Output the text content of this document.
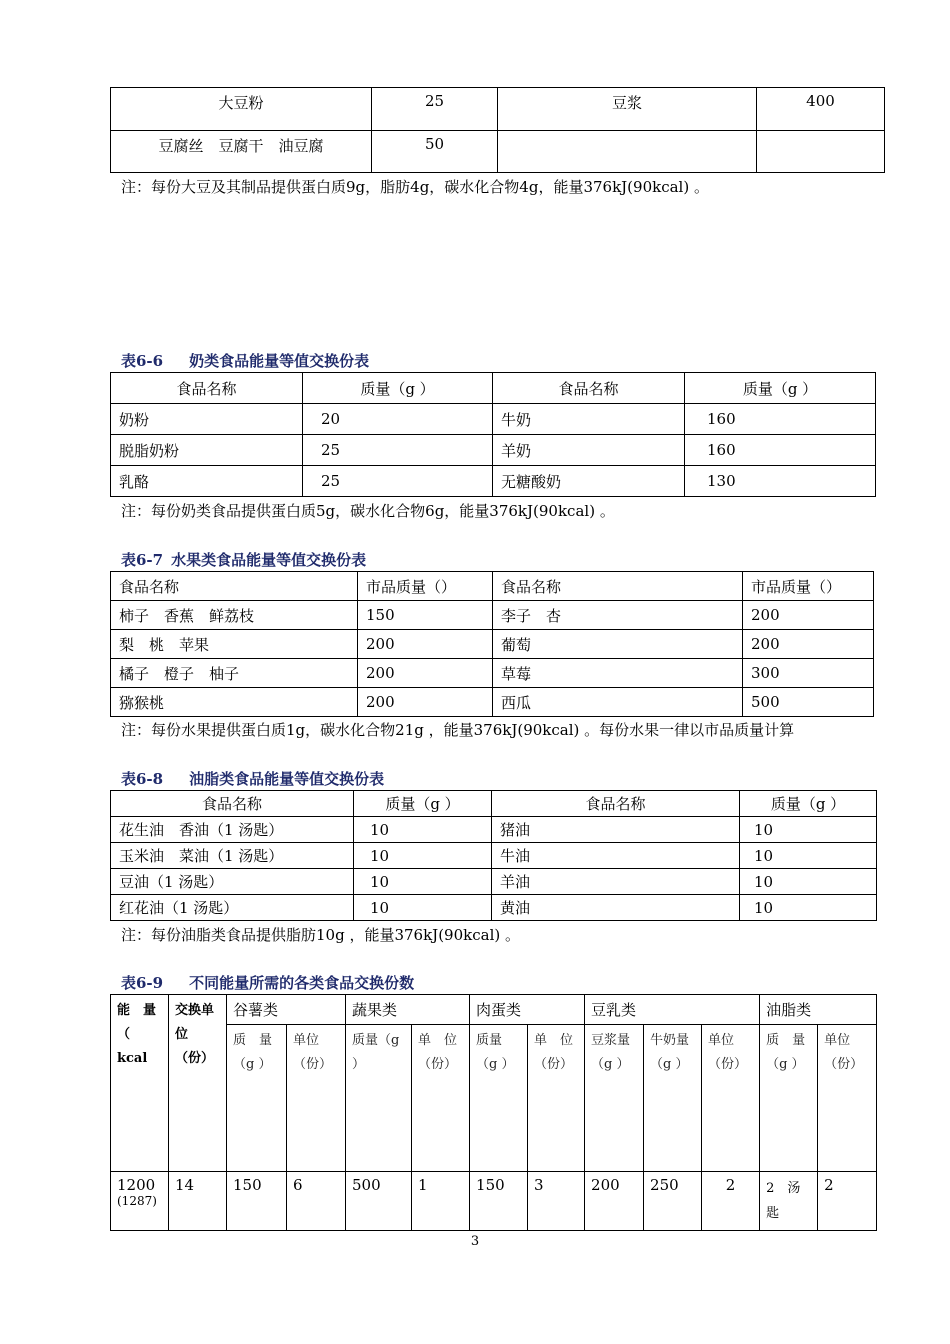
大豆粉	25	豆浆	400
豆腐丝　豆腐干　油豆腐	50		
注：每份大豆及其制品提供蛋白质9g，脂肪4g，碳水化合物4g，能量376kJ(90kcal) 。
表6-6 奶类食品能量等值交换份表
食品名称	质量（g ）	食品名称	质量（g ）
奶粉	20	牛奶	160
脱脂奶粉	25	羊奶	160
乳酪	25	无糖酸奶	130
注：每份奶类食品提供蛋白质5g，碳水化合物6g，能量376kJ(90kcal) 。
表6-7 水果类食品能量等值交换份表
食品名称	市品质量（）	食品名称	市品质量（）
柿子　香蕉　鲜荔枝	150	李子　杏	200
梨　桃　苹果	200	葡萄	200
橘子　橙子　柚子	200	草莓	300
猕猴桃	200	西瓜	500
注：每份水果提供蛋白质1g，碳水化合物21g ，能量376kJ(90kcal) 。每份水果一律以市品质量计算
表6-8 油脂类食品能量等值交换份表
食品名称	质量（g ）	食品名称	质量（g ）
花生油　香油（1 汤匙）	10	猪油	10
玉米油　菜油（1 汤匙）	10	牛油	10
豆油（1 汤匙）	10	羊油	10
红花油（1 汤匙）	10	黄油	10
注：每份油脂类食品提供脂肪10g ，能量376kJ(90kcal) 。
表6-9 不同能量所需的各类食品交换份数
能　量（ kcal	交换单位（份）	谷薯类		蔬果类		肉蛋类		豆乳类			油脂类	
		质　量（g ）	单位（份）	质量（g ）	单　位（份）	质量（g ）	单　位（份）	豆浆量（g ）	牛奶量（g ）	单位（份）	质　量（g ）	单位（份）

1200
(1287)	14	150	6	500	1	150	3	200	250	2	2　汤匙	2
3
